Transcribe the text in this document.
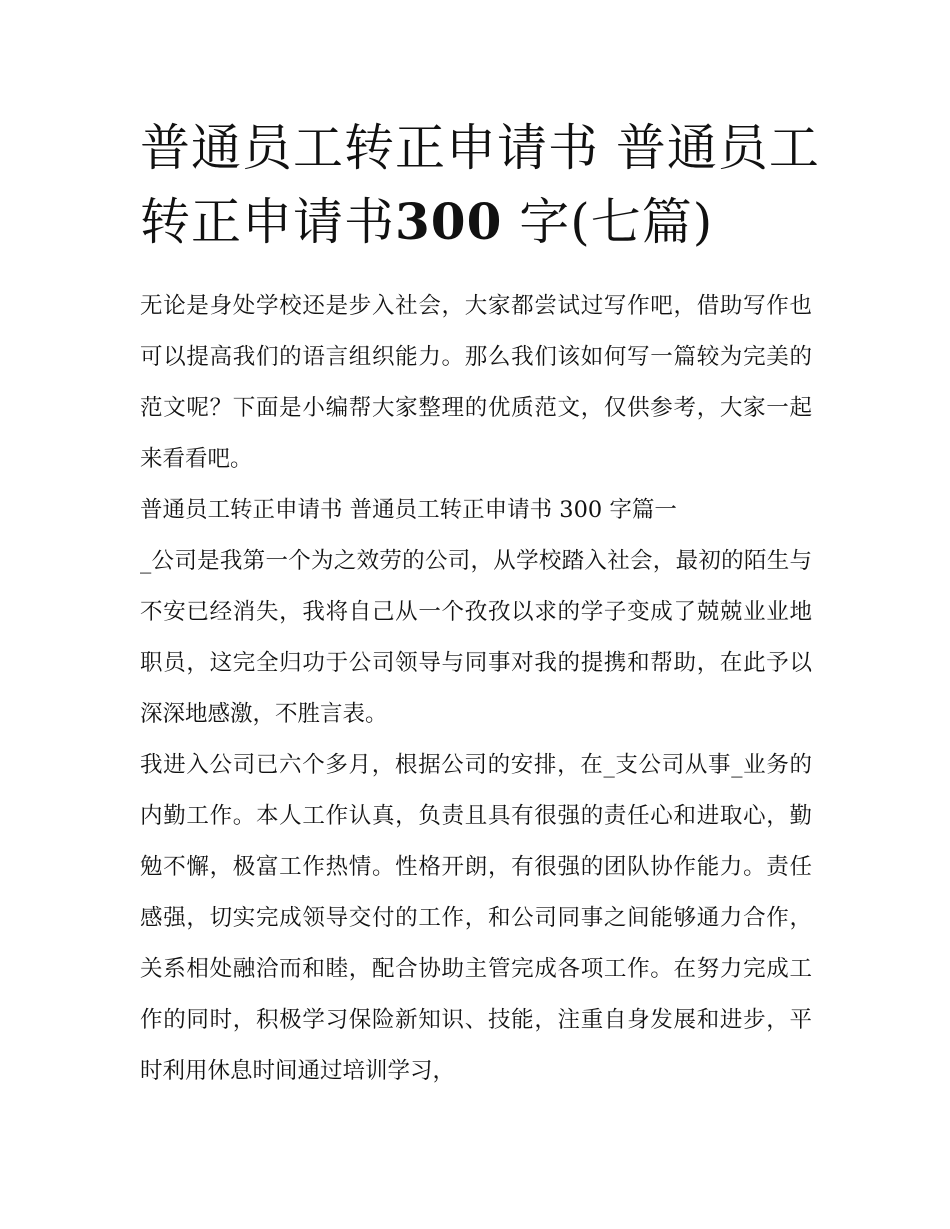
普通员工转正申请书 普通员工转正申请书300 字(七篇)

无论是身处学校还是步入社会，大家都尝试过写作吧，借助写作也可以提高我们的语言组织能力。那么我们该如何写一篇较为完美的范文呢？下面是小编帮大家整理的优质范文，仅供参考，大家一起来看看吧。

普通员工转正申请书 普通员工转正申请书 300 字篇一

_公司是我第一个为之效劳的公司，从学校踏入社会，最初的陌生与不安已经消失，我将自己从一个孜孜以求的学子变成了兢兢业业地职员，这完全归功于公司领导与同事对我的提携和帮助，在此予以深深地感激，不胜言表。

我进入公司已六个多月，根据公司的安排，在_支公司从事_业务的内勤工作。本人工作认真，负责且具有很强的责任心和进取心，勤勉不懈，极富工作热情。性格开朗，有很强的团队协作能力。责任感强，切实完成领导交付的工作，和公司同事之间能够通力合作，关系相处融洽而和睦，配合协助主管完成各项工作。在努力完成工作的同时，积极学习保险新知识、技能，注重自身发展和进步，平时利用休息时间通过培训学习，
